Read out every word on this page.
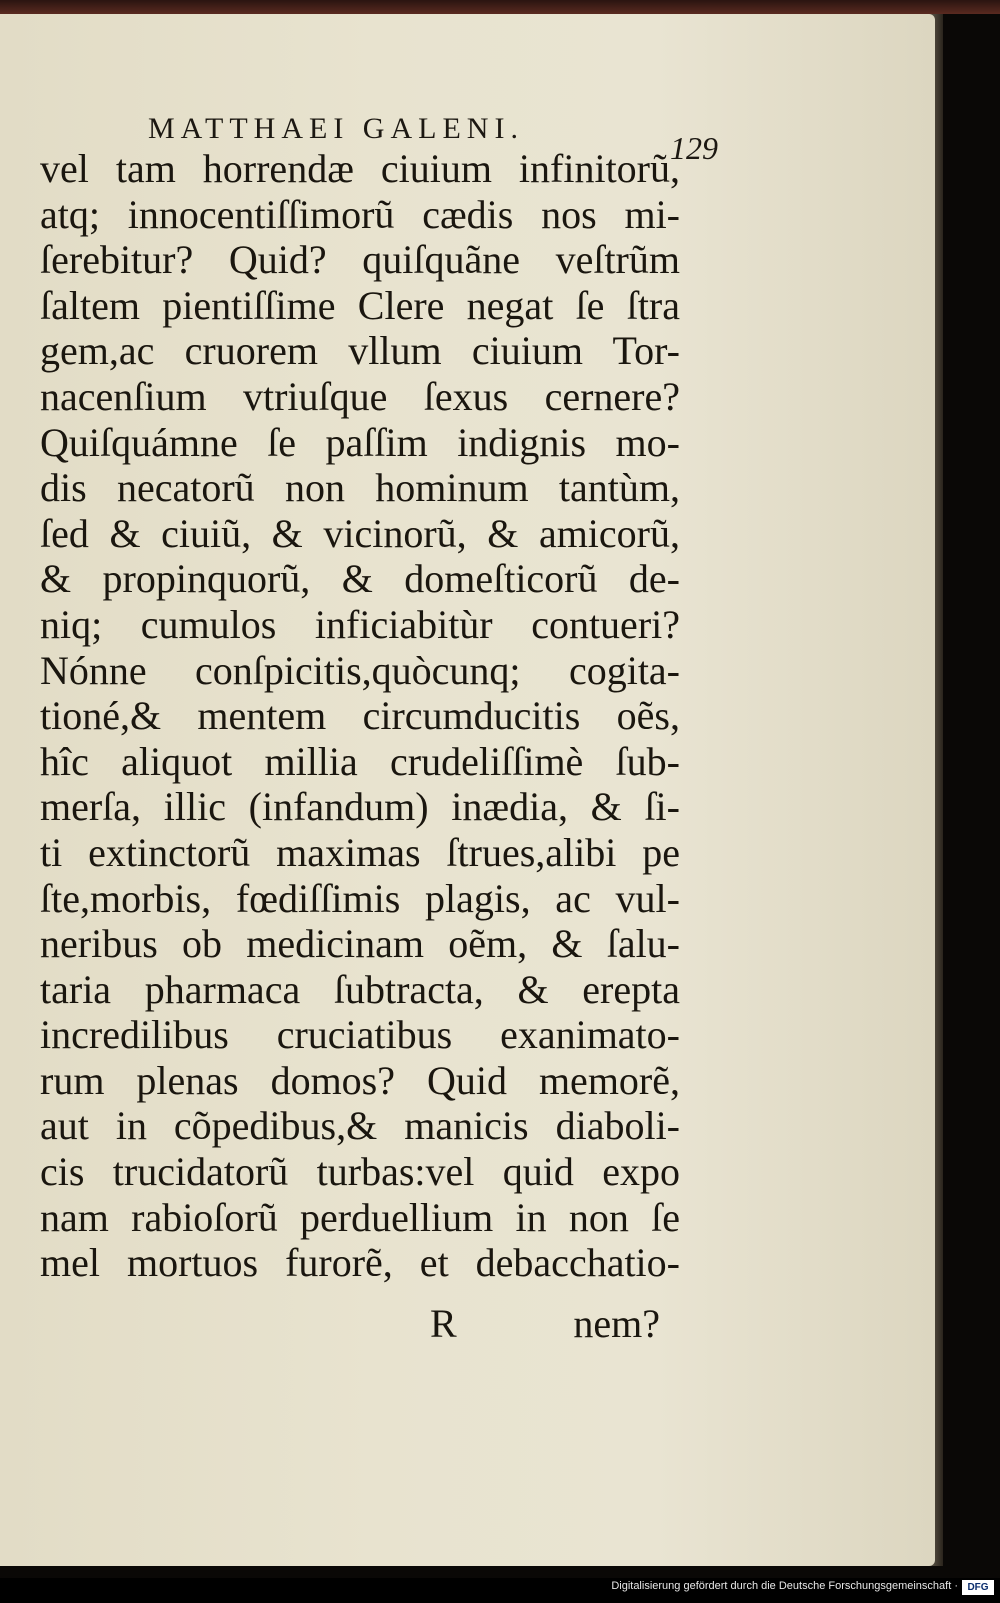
MATTHAEI GALENI.
129
vel tam horrendæ ciuium infinitorũ,
atq; innocentiſſimorũ cædis nos mi-
ſerebitur? Quid? quiſquãne veſtrũm
ſaltem pientiſſime Clere negat ſe ſtra
gem,ac cruorem vllum ciuium Tor-
nacenſium vtriuſque ſexus cernere?
Quiſquámne ſe paſſim indignis mo-
dis necatorũ non hominum tantùm,
ſed & ciuiũ, & vicinorũ, & amicorũ,
& propinquorũ, & domeſticorũ de-
niq; cumulos inficiabitùr contueri?
Nónne conſpicitis,quòcunq; cogita-
tioné,& mentem circumducitis oẽs,
hîc aliquot millia crudeliſſimè ſub-
merſa, illic (infandum) inædia, & ſi-
ti extinctorũ maximas ſtrues,alibi pe
ſte,morbis, fœdiſſimis plagis, ac vul-
neribus ob medicinam oẽm, & ſalu-
taria pharmaca ſubtracta, & erepta
incredilibus cruciatibus exanimato-
rum plenas domos? Quid memorẽ,
aut in cõpedibus,& manicis diaboli-
cis trucidatorũ turbas:vel quid expo
nam rabioſorũ perduellium in non ſe
mel mortuos furorẽ, et debacchatio-
R	nem?
Digitalisierung gefördert durch die Deutsche Forschungsgemeinschaft · DFG
